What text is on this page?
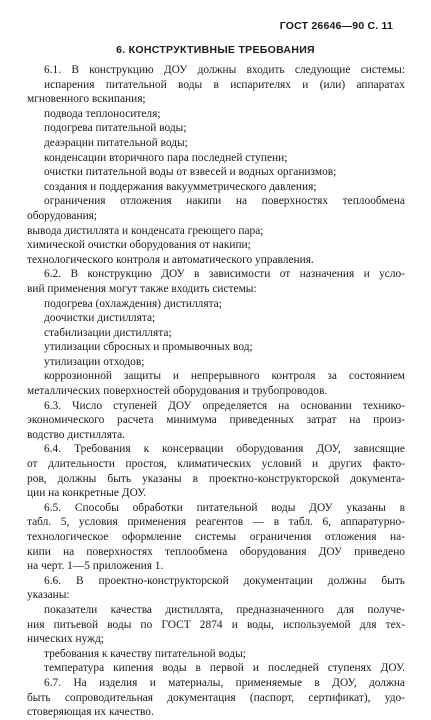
ГОСТ 26646—90 С. 11
6. КОНСТРУКТИВНЫЕ ТРЕБОВАНИЯ
6.1. В конструкцию ДОУ должны входить следующие системы:
испарения питательной воды в испарителях и (или) аппаратах
мгновенного вскипания;
подвода теплоносителя;
подогрева питательной воды;
деаэрации питательной воды;
конденсации вторичного пара последней ступени;
очистки питательной воды от взвесей и водных организмов;
создания и поддержания вакуумметрического давления;
ограничения отложения накипи на поверхностях теплообмена
оборудования;
вывода дистиллята и конденсата греющего пара;
химической очистки оборудования от накипи;
технологического контроля и автоматического управления.
6.2. В конструкцию ДОУ в зависимости от назначения и усло-
вий применения могут также входить системы:
подогрева (охлаждения) дистиллята;
доочистки дистиллята;
стабилизации дистиллята;
утилизации сбросных и промывочных вод;
утилизации отходов;
коррозионной защиты и непрерывного контроля за состоянием
металлических поверхностей оборудования и трубопроводов.
6.3. Число ступеней ДОУ определяется на основании технико-
экономического расчета минимума приведенных затрат на произ-
водство дистиллята.
6.4. Требования к консервации оборудования ДОУ, зависящие
от длительности простоя, климатических условий и других факто-
ров, должны быть указаны в проектно-конструкторской документа-
ции на конкретные ДОУ.
6.5. Способы обработки питательной воды ДОУ указаны в
табл. 5, условия применения реагентов — в табл. 6, аппаратурно-
технологическое оформление системы ограничения отложения на-
кипи на поверхностях теплообмена оборудования ДОУ приведено
на черт. 1—5 приложения 1.
6.6. В проектно-конструкторской документации должны быть
указаны:
показатели качества дистиллята, предназначенного для получе-
ния питьевой воды по ГОСТ 2874 и воды, используемой для тех-
нических нужд;
требования к качеству питательной воды;
температура кипения воды в первой и последней ступенях ДОУ.
6.7. На изделия и материалы, применяемые в ДОУ, должна
быть сопроводительная документация (паспорт, сертификат), удо-
стоверяющая их качество.
